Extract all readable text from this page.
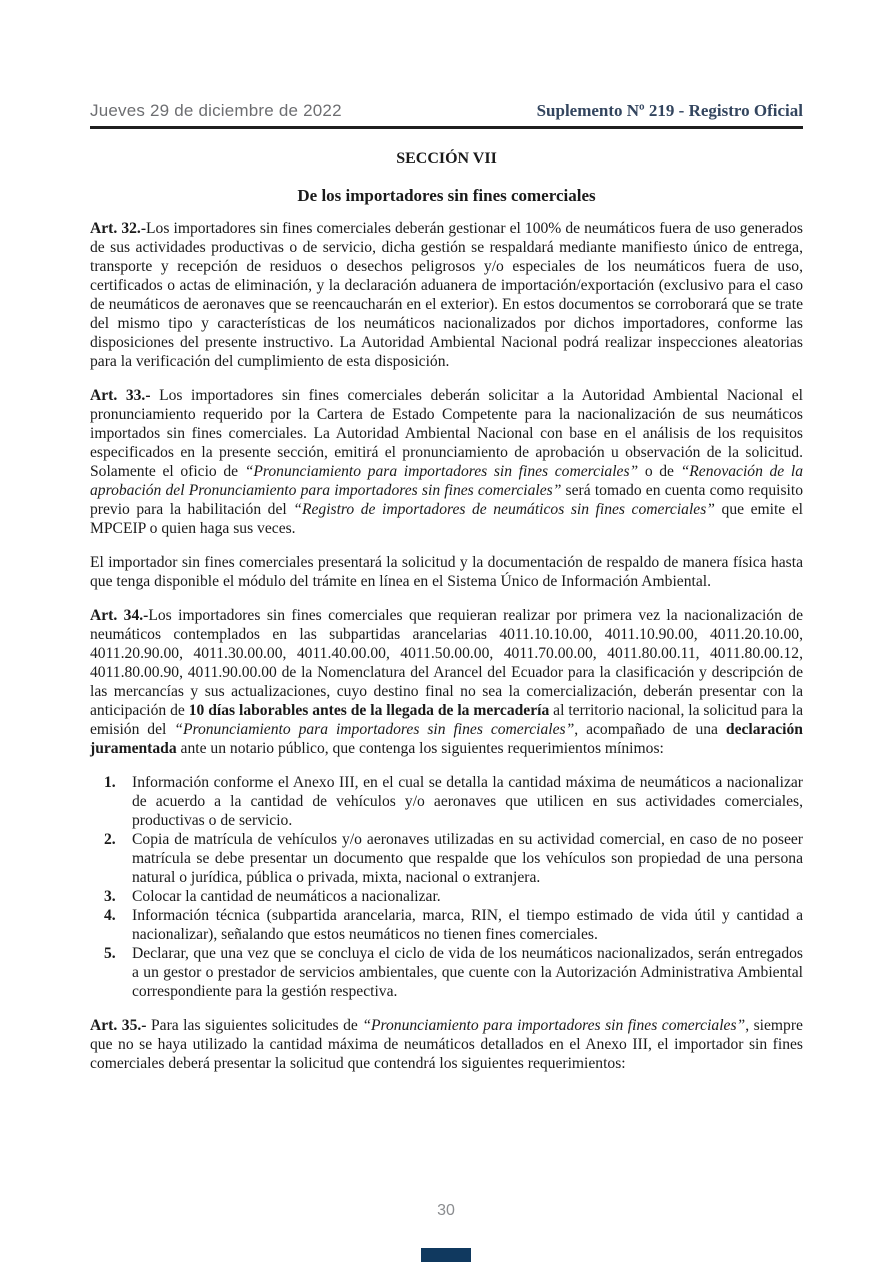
Jueves 29 de diciembre de 2022	Suplemento Nº 219 - Registro Oficial
SECCIÓN VII
De los importadores sin fines comerciales

Art. 32.-Los importadores sin fines comerciales deberán gestionar el 100% de neumáticos fuera de uso generados de sus actividades productivas o de servicio, dicha gestión se respaldará mediante manifiesto único de entrega, transporte y recepción de residuos o desechos peligrosos y/o especiales de los neumáticos fuera de uso, certificados o actas de eliminación, y la declaración aduanera de importación/exportación (exclusivo para el caso de neumáticos de aeronaves que se reencaucharán en el exterior). En estos documentos se corroborará que se trate del mismo tipo y características de los neumáticos nacionalizados por dichos importadores, conforme las disposiciones del presente instructivo. La Autoridad Ambiental Nacional podrá realizar inspecciones aleatorias para la verificación del cumplimiento de esta disposición.

Art. 33.- Los importadores sin fines comerciales deberán solicitar a la Autoridad Ambiental Nacional el pronunciamiento requerido por la Cartera de Estado Competente para la nacionalización de sus neumáticos importados sin fines comerciales. La Autoridad Ambiental Nacional con base en el análisis de los requisitos especificados en la presente sección, emitirá el pronunciamiento de aprobación u observación de la solicitud. Solamente el oficio de “Pronunciamiento para importadores sin fines comerciales” o de “Renovación de la aprobación del Pronunciamiento para importadores sin fines comerciales” será tomado en cuenta como requisito previo para la habilitación del “Registro de importadores de neumáticos sin fines comerciales” que emite el MPCEIP o quien haga sus veces.

El importador sin fines comerciales presentará la solicitud y la documentación de respaldo de manera física hasta que tenga disponible el módulo del trámite en línea en el Sistema Único de Información Ambiental.

Art. 34.-Los importadores sin fines comerciales que requieran realizar por primera vez la nacionalización de neumáticos contemplados en las subpartidas arancelarias 4011.10.10.00, 4011.10.90.00, 4011.20.10.00, 4011.20.90.00, 4011.30.00.00, 4011.40.00.00, 4011.50.00.00, 4011.70.00.00, 4011.80.00.11, 4011.80.00.12, 4011.80.00.90, 4011.90.00.00 de la Nomenclatura del Arancel del Ecuador para la clasificación y descripción de las mercancías y sus actualizaciones, cuyo destino final no sea la comercialización, deberán presentar con la anticipación de 10 días laborables antes de la llegada de la mercadería al territorio nacional, la solicitud para la emisión del “Pronunciamiento para importadores sin fines comerciales”, acompañado de una declaración juramentada ante un notario público, que contenga los siguientes requerimientos mínimos:

1.	Información conforme el Anexo III, en el cual se detalla la cantidad máxima de neumáticos a nacionalizar de acuerdo a la cantidad de vehículos y/o aeronaves que utilicen en sus actividades comerciales, productivas o de servicio.
2.	Copia de matrícula de vehículos y/o aeronaves utilizadas en su actividad comercial, en caso de no poseer matrícula se debe presentar un documento que respalde que los vehículos son propiedad de una persona natural o jurídica, pública o privada, mixta, nacional o extranjera.
3.	Colocar la cantidad de neumáticos a nacionalizar.
4.	Información técnica (subpartida arancelaria, marca, RIN, el tiempo estimado de vida útil y cantidad a nacionalizar), señalando que estos neumáticos no tienen fines comerciales.
5.	Declarar, que una vez que se concluya el ciclo de vida de los neumáticos nacionalizados, serán entregados a un gestor o prestador de servicios ambientales, que cuente con la Autorización Administrativa Ambiental correspondiente para la gestión respectiva.

Art. 35.- Para las siguientes solicitudes de “Pronunciamiento para importadores sin fines comerciales”, siempre que no se haya utilizado la cantidad máxima de neumáticos detallados en el Anexo III, el importador sin fines comerciales deberá presentar la solicitud que contendrá los siguientes requerimientos:

30
